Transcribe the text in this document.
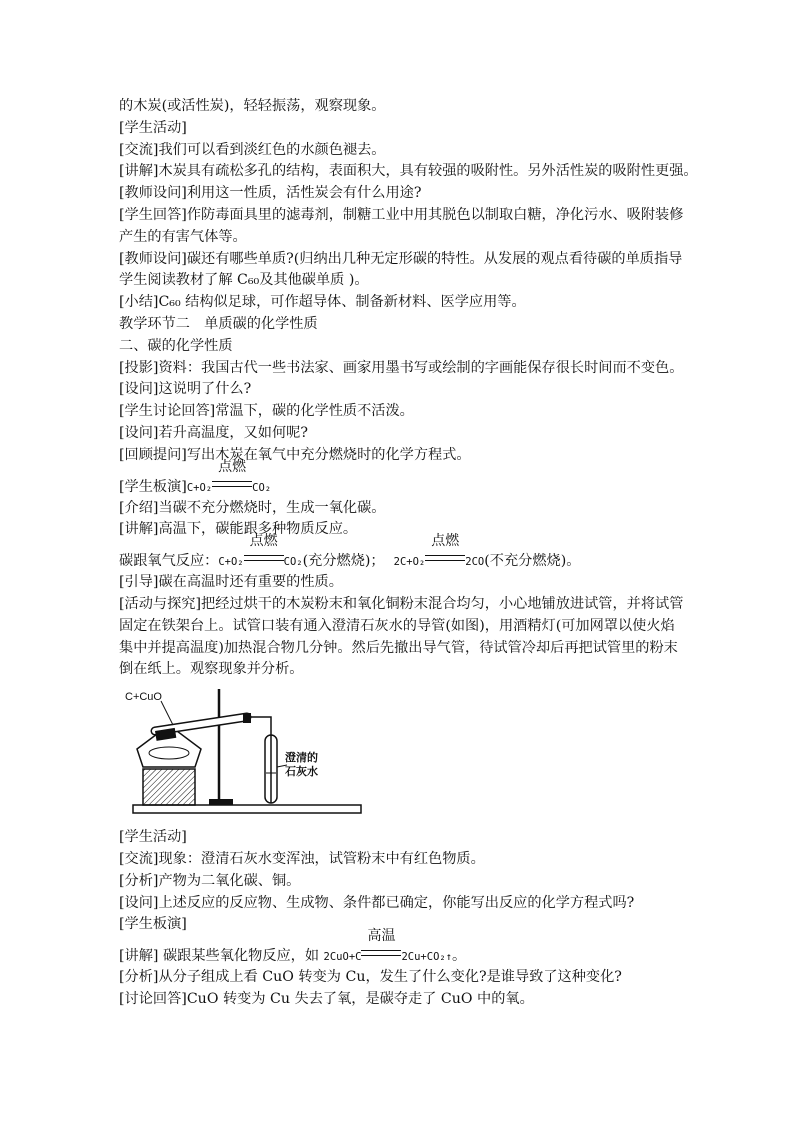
的木炭(或活性炭)，轻轻振荡，观察现象。
[学生活动]
[交流]我们可以看到淡红色的水颜色褪去。
[讲解]木炭具有疏松多孔的结构，表面积大，具有较强的吸附性。另外活性炭的吸附性更强。
[教师设问]利用这一性质，活性炭会有什么用途?
[学生回答]作防毒面具里的滤毒剂，制糖工业中用其脱色以制取白糖，净化污水、吸附装修
产生的有害气体等。
[教师设问]碳还有哪些单质?(归纳出几种无定形碳的特性。从发展的观点看待碳的单质指导
学生阅读教材了解 C₆₀及其他碳单质 )。
[小结]C₆₀ 结构似足球，可作超导体、制备新材料、医学应用等。
教学环节二　单质碳的化学性质
二、碳的化学性质
[投影]资料：我国古代一些书法家、画家用墨书写或绘制的字画能保存很长时间而不变色。
[设问]这说明了什么?
[学生讨论回答]常温下，碳的化学性质不活泼。
[设问]若升高温度，又如何呢?
[回顾提问]写出木炭在氧气中充分燃烧时的化学方程式。
[学生板演]C+O₂
点燃
CO₂
[介绍]当碳不充分燃烧时，生成一氧化碳。
[讲解]高温下，碳能跟多种物质反应。
碳跟氧气反应：C+O₂
点燃
CO₂(充分燃烧)； 2C+O₂
点燃
2CO(不充分燃烧)。
[引导]碳在高温时还有重要的性质。
[活动与探究]把经过烘干的木炭粉末和氧化铜粉末混合均匀，小心地铺放进试管，并将试管
固定在铁架台上。试管口装有通入澄清石灰水的导管(如图)，用酒精灯(可加网罩以使火焰
集中并提高温度)加热混合物几分钟。然后先撤出导气管，待试管冷却后再把试管里的粉末
倒在纸上。观察现象并分析。
C+CuO
澄清的石灰水
[学生活动]
[交流]现象：澄清石灰水变浑浊，试管粉末中有红色物质。
[分析]产物为二氧化碳、铜。
[设问]上述反应的反应物、生成物、条件都已确定，你能写出反应的化学方程式吗?
[学生板演]
[讲解] 碳跟某些氧化物反应，如 2CuO+C
高温
2Cu+CO₂↑。
[分析]从分子组成上看 CuO 转变为 Cu，发生了什么变化?是谁导致了这种变化?
[讨论回答]CuO 转变为 Cu 失去了氧，是碳夺走了 CuO 中的氧。
